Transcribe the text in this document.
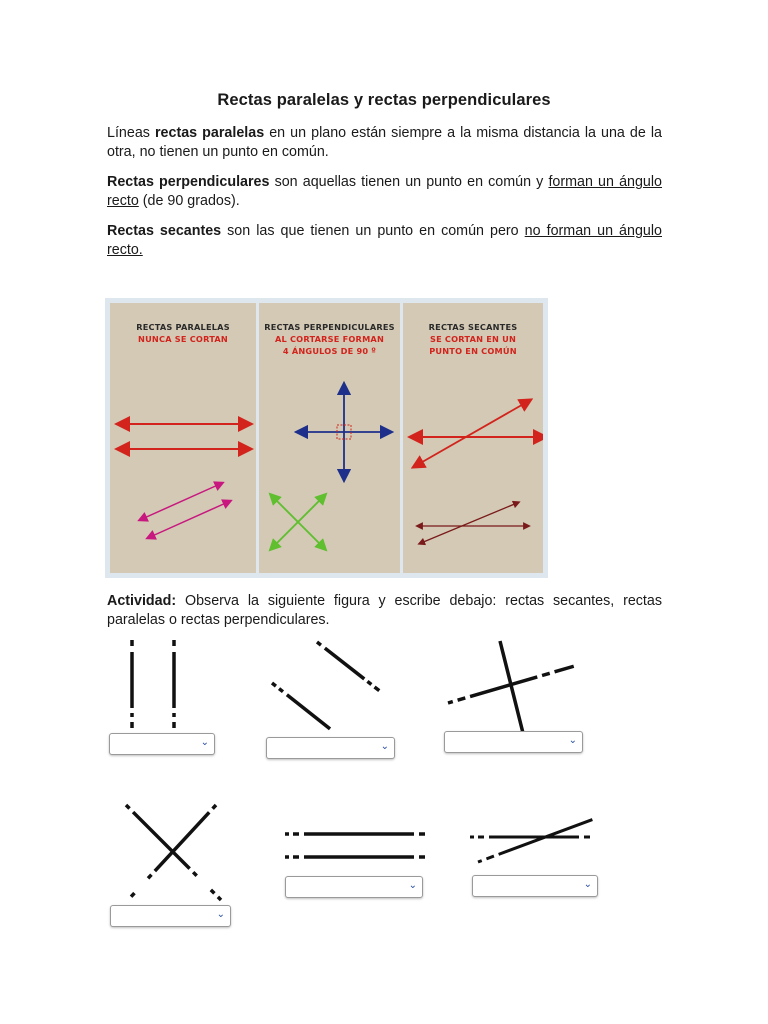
Rectas paralelas y rectas perpendiculares
Líneas rectas paralelas en un plano están siempre a la misma distancia la una de la otra, no tienen un punto en común.
Rectas perpendiculares son aquellas tienen un punto en común y forman un ángulo recto (de 90 grados).
Rectas secantes son las que tienen un punto en común pero no forman un ángulo recto.
RECTAS PARALELAS
NUNCA SE CORTAN
RECTAS PERPENDICULARES
AL CORTARSE FORMAN
4 ÁNGULOS DE 90 º
RECTAS SECANTES
SE CORTAN EN UN
PUNTO EN COMÚN
Actividad: Observa la siguiente figura y escribe debajo: rectas secantes, rectas paralelas o rectas perpendiculares.
⌄	⌄
⌄
⌄
⌄	⌄
